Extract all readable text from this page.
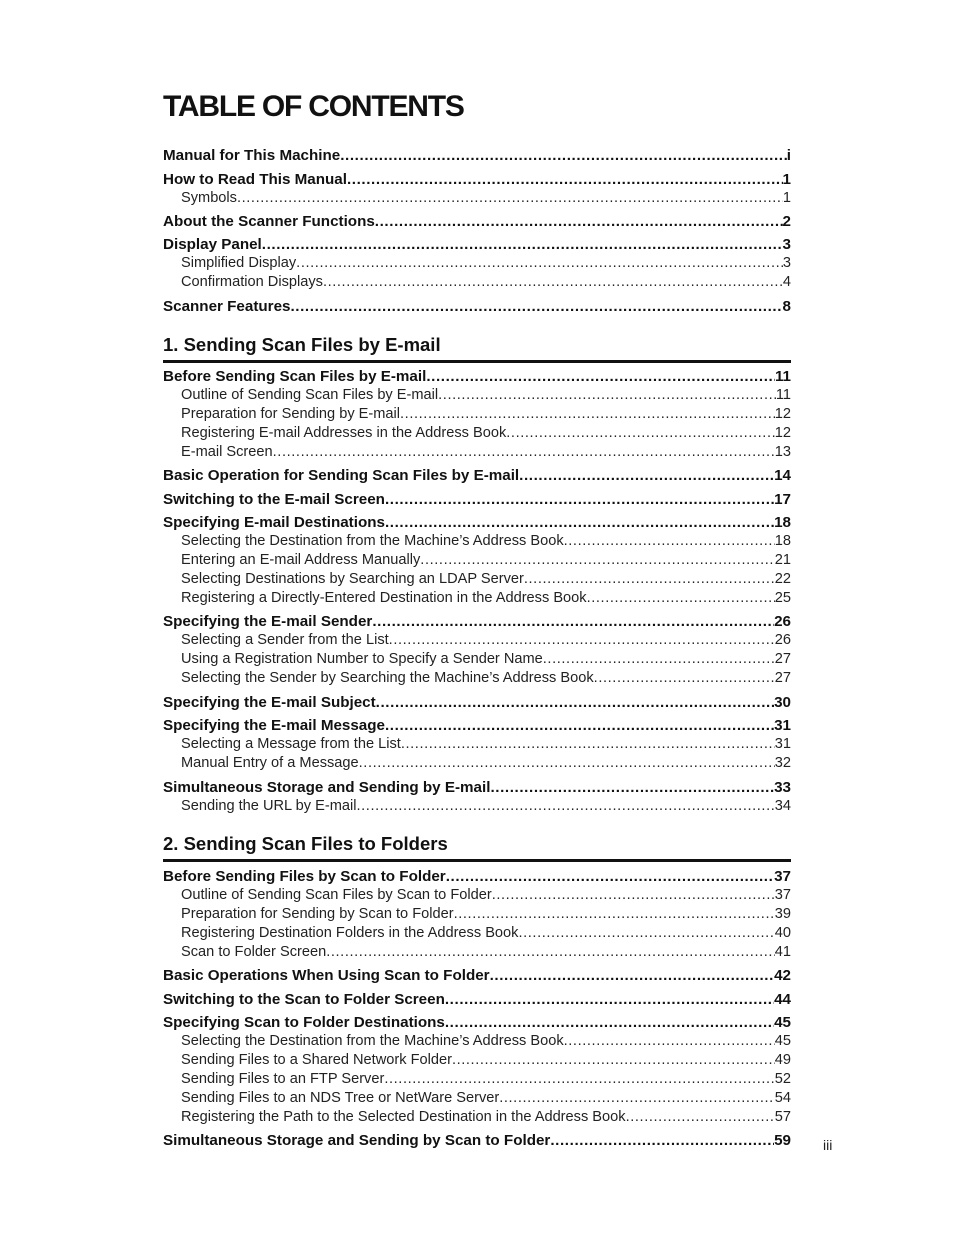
TABLE OF CONTENTS
Manual for This Machine .....	i
How to Read This Manual .....	1
Symbols .....	1
About the Scanner Functions .....	2
Display Panel .....	3
Simplified Display .....	3
Confirmation Displays .....	4
Scanner Features .....	8
1. Sending Scan Files by E-mail
Before Sending Scan Files by E-mail .....	11
Outline of Sending Scan Files by E-mail .....	11
Preparation for Sending by E-mail .....	12
Registering E-mail Addresses in the Address Book .....	12
E-mail Screen .....	13
Basic Operation for Sending Scan Files by E-mail .....	14
Switching to the E-mail Screen .....	17
Specifying E-mail Destinations .....	18
Selecting the Destination from the Machine’s Address Book .....	18
Entering an E-mail Address Manually .....	21
Selecting Destinations by Searching an LDAP Server .....	22
Registering a Directly-Entered Destination in the Address Book .....	25
Specifying the E-mail Sender .....	26
Selecting a Sender from the List .....	26
Using a Registration Number to Specify a Sender Name .....	27
Selecting the Sender by Searching the Machine’s Address Book .....	27
Specifying the E-mail Subject .....	30
Specifying the E-mail Message .....	31
Selecting a Message from the List .....	31
Manual Entry of a Message .....	32
Simultaneous Storage and Sending by E-mail .....	33
Sending the URL by E-mail .....	34
2. Sending Scan Files to Folders
Before Sending Files by Scan to Folder .....	37
Outline of Sending Scan Files by Scan to Folder .....	37
Preparation for Sending by Scan to Folder .....	39
Registering Destination Folders in the Address Book .....	40
Scan to Folder Screen .....	41
Basic Operations When Using Scan to Folder .....	42
Switching to the Scan to Folder Screen .....	44
Specifying Scan to Folder Destinations .....	45
Selecting the Destination from the Machine’s Address Book .....	45
Sending Files to a Shared Network Folder .....	49
Sending Files to an FTP Server .....	52
Sending Files to an NDS Tree or NetWare Server .....	54
Registering the Path to the Selected Destination in the Address Book .....	57
Simultaneous Storage and Sending by Scan to Folder .....	59 iii
